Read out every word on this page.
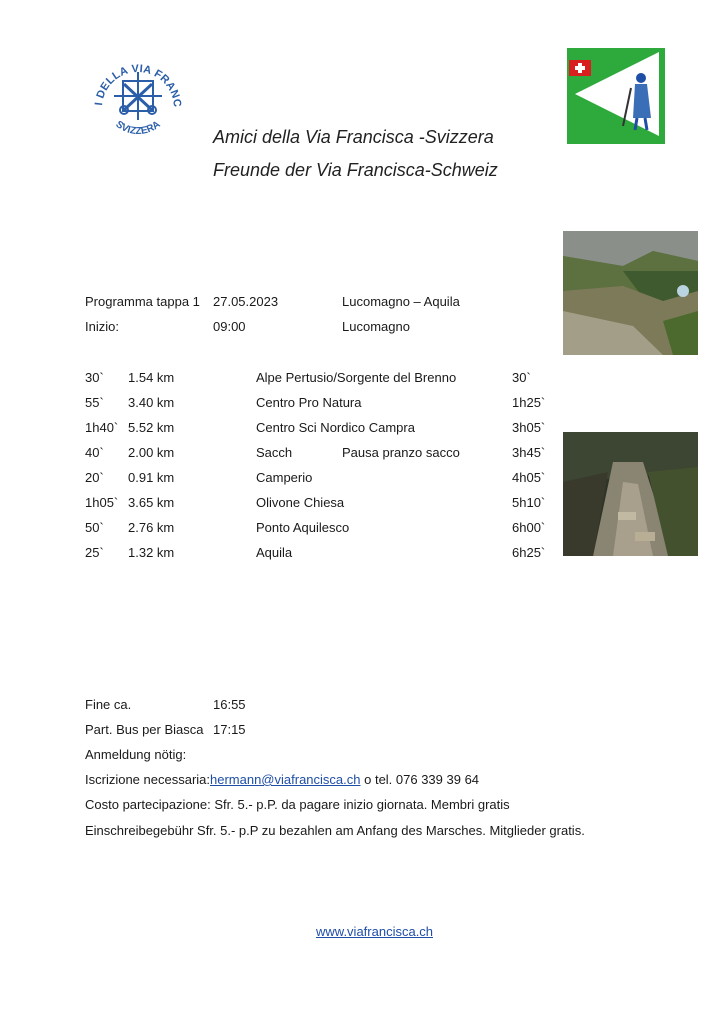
I DELLA VIA FRANC
SVIZZERA
Amici della Via Francisca -Svizzera
Freunde der Via Francisca-Schweiz
Programma tappa 1 27.05.2023	Lucomagno – Aquila
Inizio:	09:00	Lucomagno
30` 1.54 km	Alpe Pertusio/Sorgente del Brenno	30`
55` 3.40 km	Centro Pro Natura	1h25`
1h40` 5.52 km	Centro Sci Nordico Campra	3h05`
40` 2.00 km	Sacch	Pausa pranzo sacco	3h45`
20` 0.91 km	Camperio	4h05`
1h05` 3.65 km	Olivone Chiesa	5h10`
50` 2.76 km	Ponto Aquilesco	6h00`
25` 1.32 km	Aquila	6h25`
Fine ca.	16:55
Part. Bus per Biasca 17:15
Anmeldung nötig:
Iscrizione necessaria:hermann@viafrancisca.ch o tel. 076 339 39 64
Costo partecipazione: Sfr. 5.- p.P. da pagare inizio giornata. Membri gratis
Einschreibegebühr Sfr. 5.- p.P zu bezahlen am Anfang des Marsches. Mitglieder gratis.
www.viafrancisca.ch
